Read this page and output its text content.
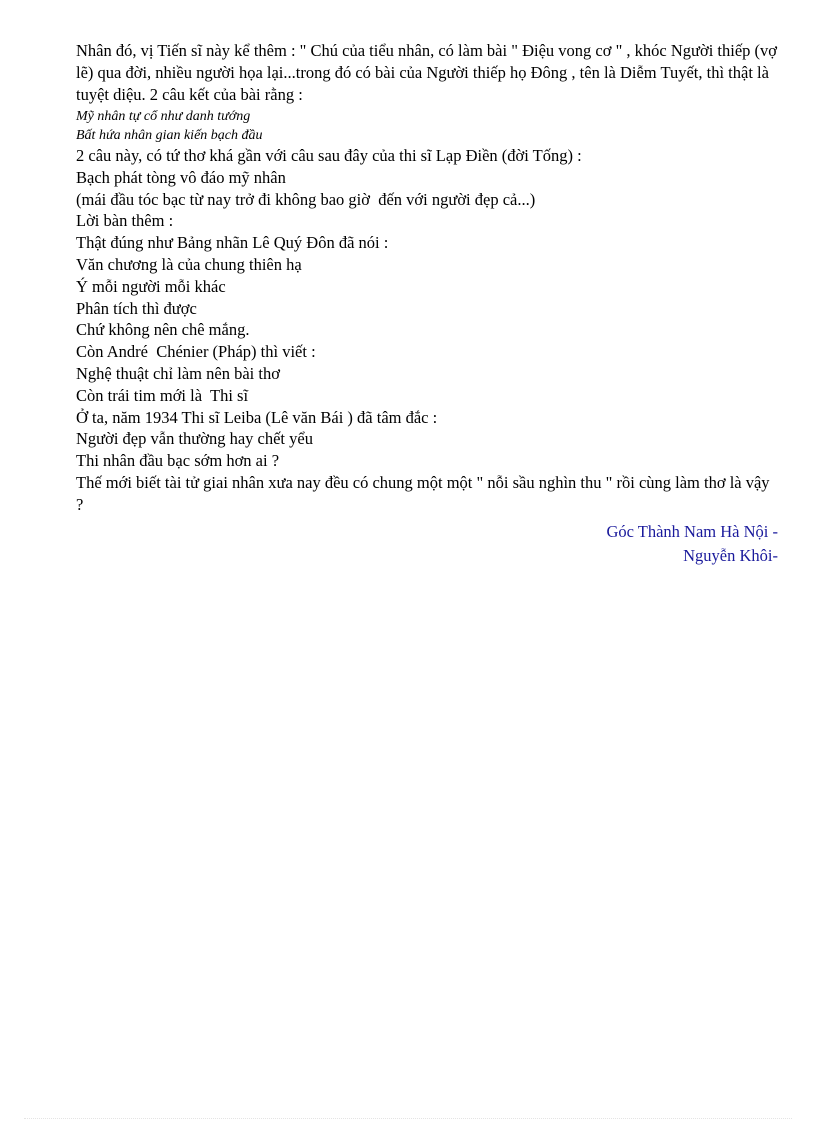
Nhân đó, vị Tiến sĩ này kể thêm : " Chú của tiểu nhân, có làm bài " Điệu vong cơ " , khóc Người thiếp (vợ lẽ) qua đời, nhiều người họa lại...trong đó có bài của Người thiếp họ Đông , tên là Diễm Tuyết, thì thật là tuyệt diệu. 2 câu kết của bài rằng :

Mỹ nhân tự cổ như danh tướng

Bất hứa nhân gian kiến bạch đầu

2 câu này, có tứ thơ khá gần với câu sau đây của thi sĩ Lạp Điền (đời Tống) :

Bạch phát tòng vô đáo mỹ nhân

(mái đầu tóc bạc từ nay trở đi không bao giờ  đến với người đẹp cả...)

Lời bàn thêm :

Thật đúng như Bảng nhãn Lê Quý Đôn đã nói :

Văn chương là của chung thiên hạ

Ý mỗi người mỗi khác

Phân tích thì được

Chứ không nên chê mắng.

Còn André  Chénier (Pháp) thì viết :

Nghệ thuật chỉ làm nên bài thơ

Còn trái tim mới là  Thi sĩ

Ở ta, năm 1934 Thi sĩ Leiba (Lê văn Bái ) đã tâm đắc :

Người đẹp vẫn thường hay chết yểu

Thi nhân đầu bạc sớm hơn ai ?

Thế mới biết tài tử giai nhân xưa nay đều có chung một một " nỗi sầu nghìn thu " rồi cùng làm thơ là vậy ?

Góc Thành Nam Hà Nội -
Nguyễn Khôi-
